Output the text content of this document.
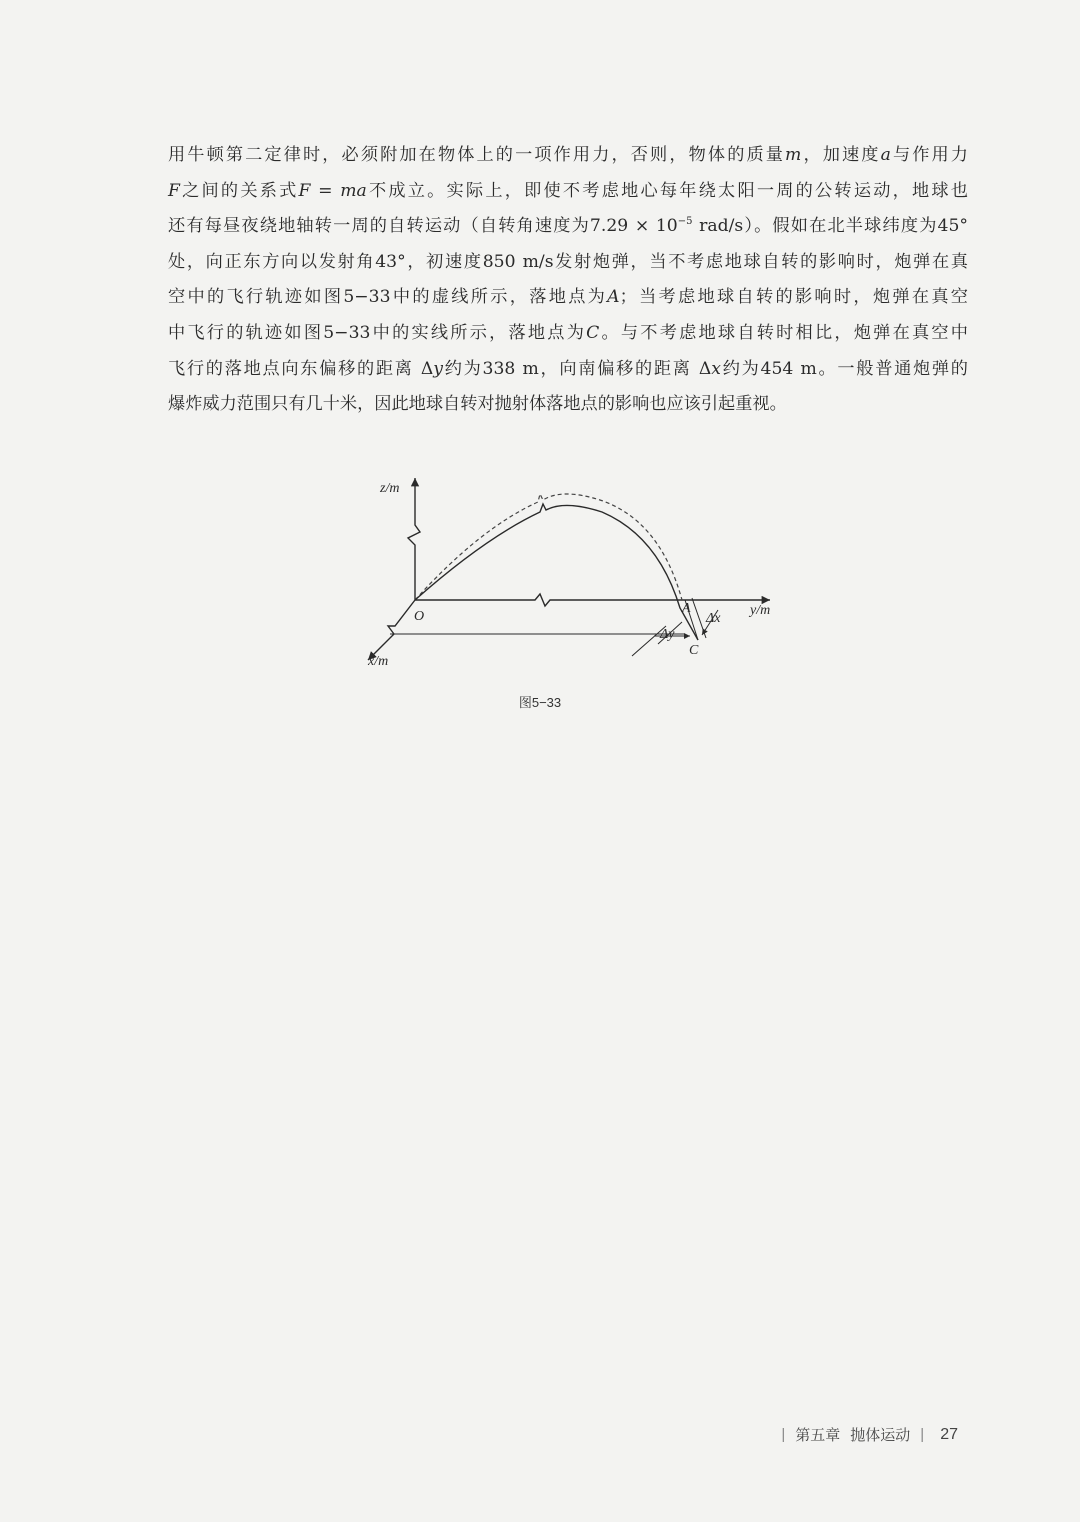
用牛顿第二定律时，必须附加在物体上的一项作用力，否则，物体的质量m，加速度a与作用力
F之间的关系式F = ma不成立。实际上，即使不考虑地心每年绕太阳一周的公转运动，地球也
还有每昼夜绕地轴转一周的自转运动（自转角速度为$7.29 \times 10^{-5}$ rad/s）。假如在北半球纬度为45°
处，向正东方向以发射角43°，初速度850 m/s发射炮弹，当不考虑地球自转的影响时，炮弹在真
空中的飞行轨迹如图5−33中的虚线所示，落地点为A；当考虑地球自转的影响时，炮弹在真空
中飞行的轨迹如图5−33中的实线所示，落地点为C。与不考虑地球自转时相比，炮弹在真空中
飞行的落地点向东偏移的距离 Δy约为338 m，向南偏移的距离 Δx约为454 m。一般普通炮弹的
爆炸威力范围只有几十米，因此地球自转对抛射体落地点的影响也应该引起重视。
z/m
y/m
x/m
O
A
C
Δx
Δy
图5−33
| 第五章 抛体运动 | 27
